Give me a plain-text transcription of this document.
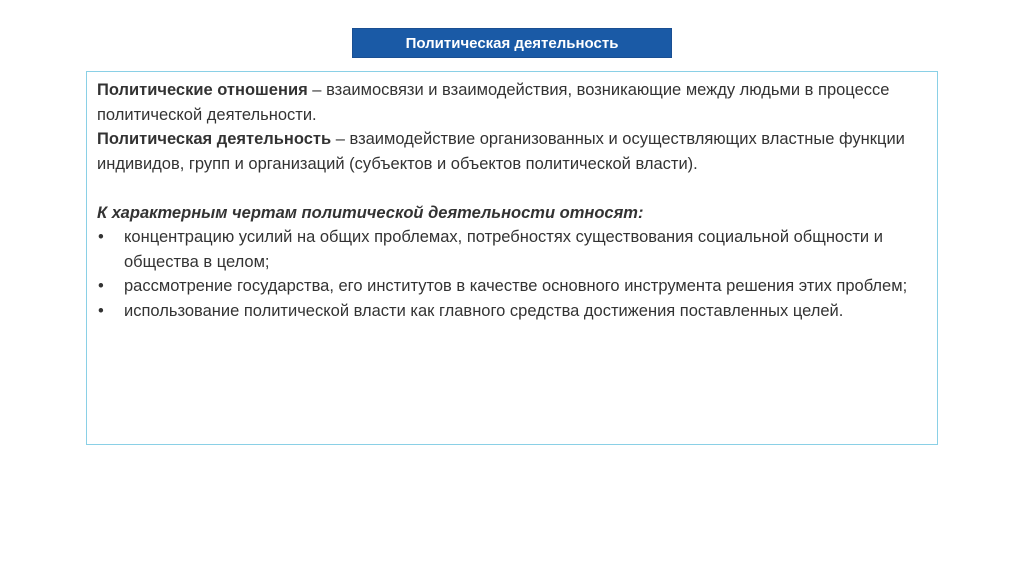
Политическая деятельность

Политические отношения – взаимосвязи и взаимодействия, возникающие между людьми в процессе политической деятельности.

Политическая деятельность – взаимодействие организованных и осуществляющих властные функции индивидов, групп и организаций (субъектов и объектов политической власти).

К характерным чертам политической деятельности относят:

• концентрацию усилий на общих проблемах, потребностях существования социальной общности и общества в целом;
• рассмотрение государства, его институтов в качестве основного инструмента решения этих проблем;
• использование политической власти как главного средства достижения поставленных целей.
